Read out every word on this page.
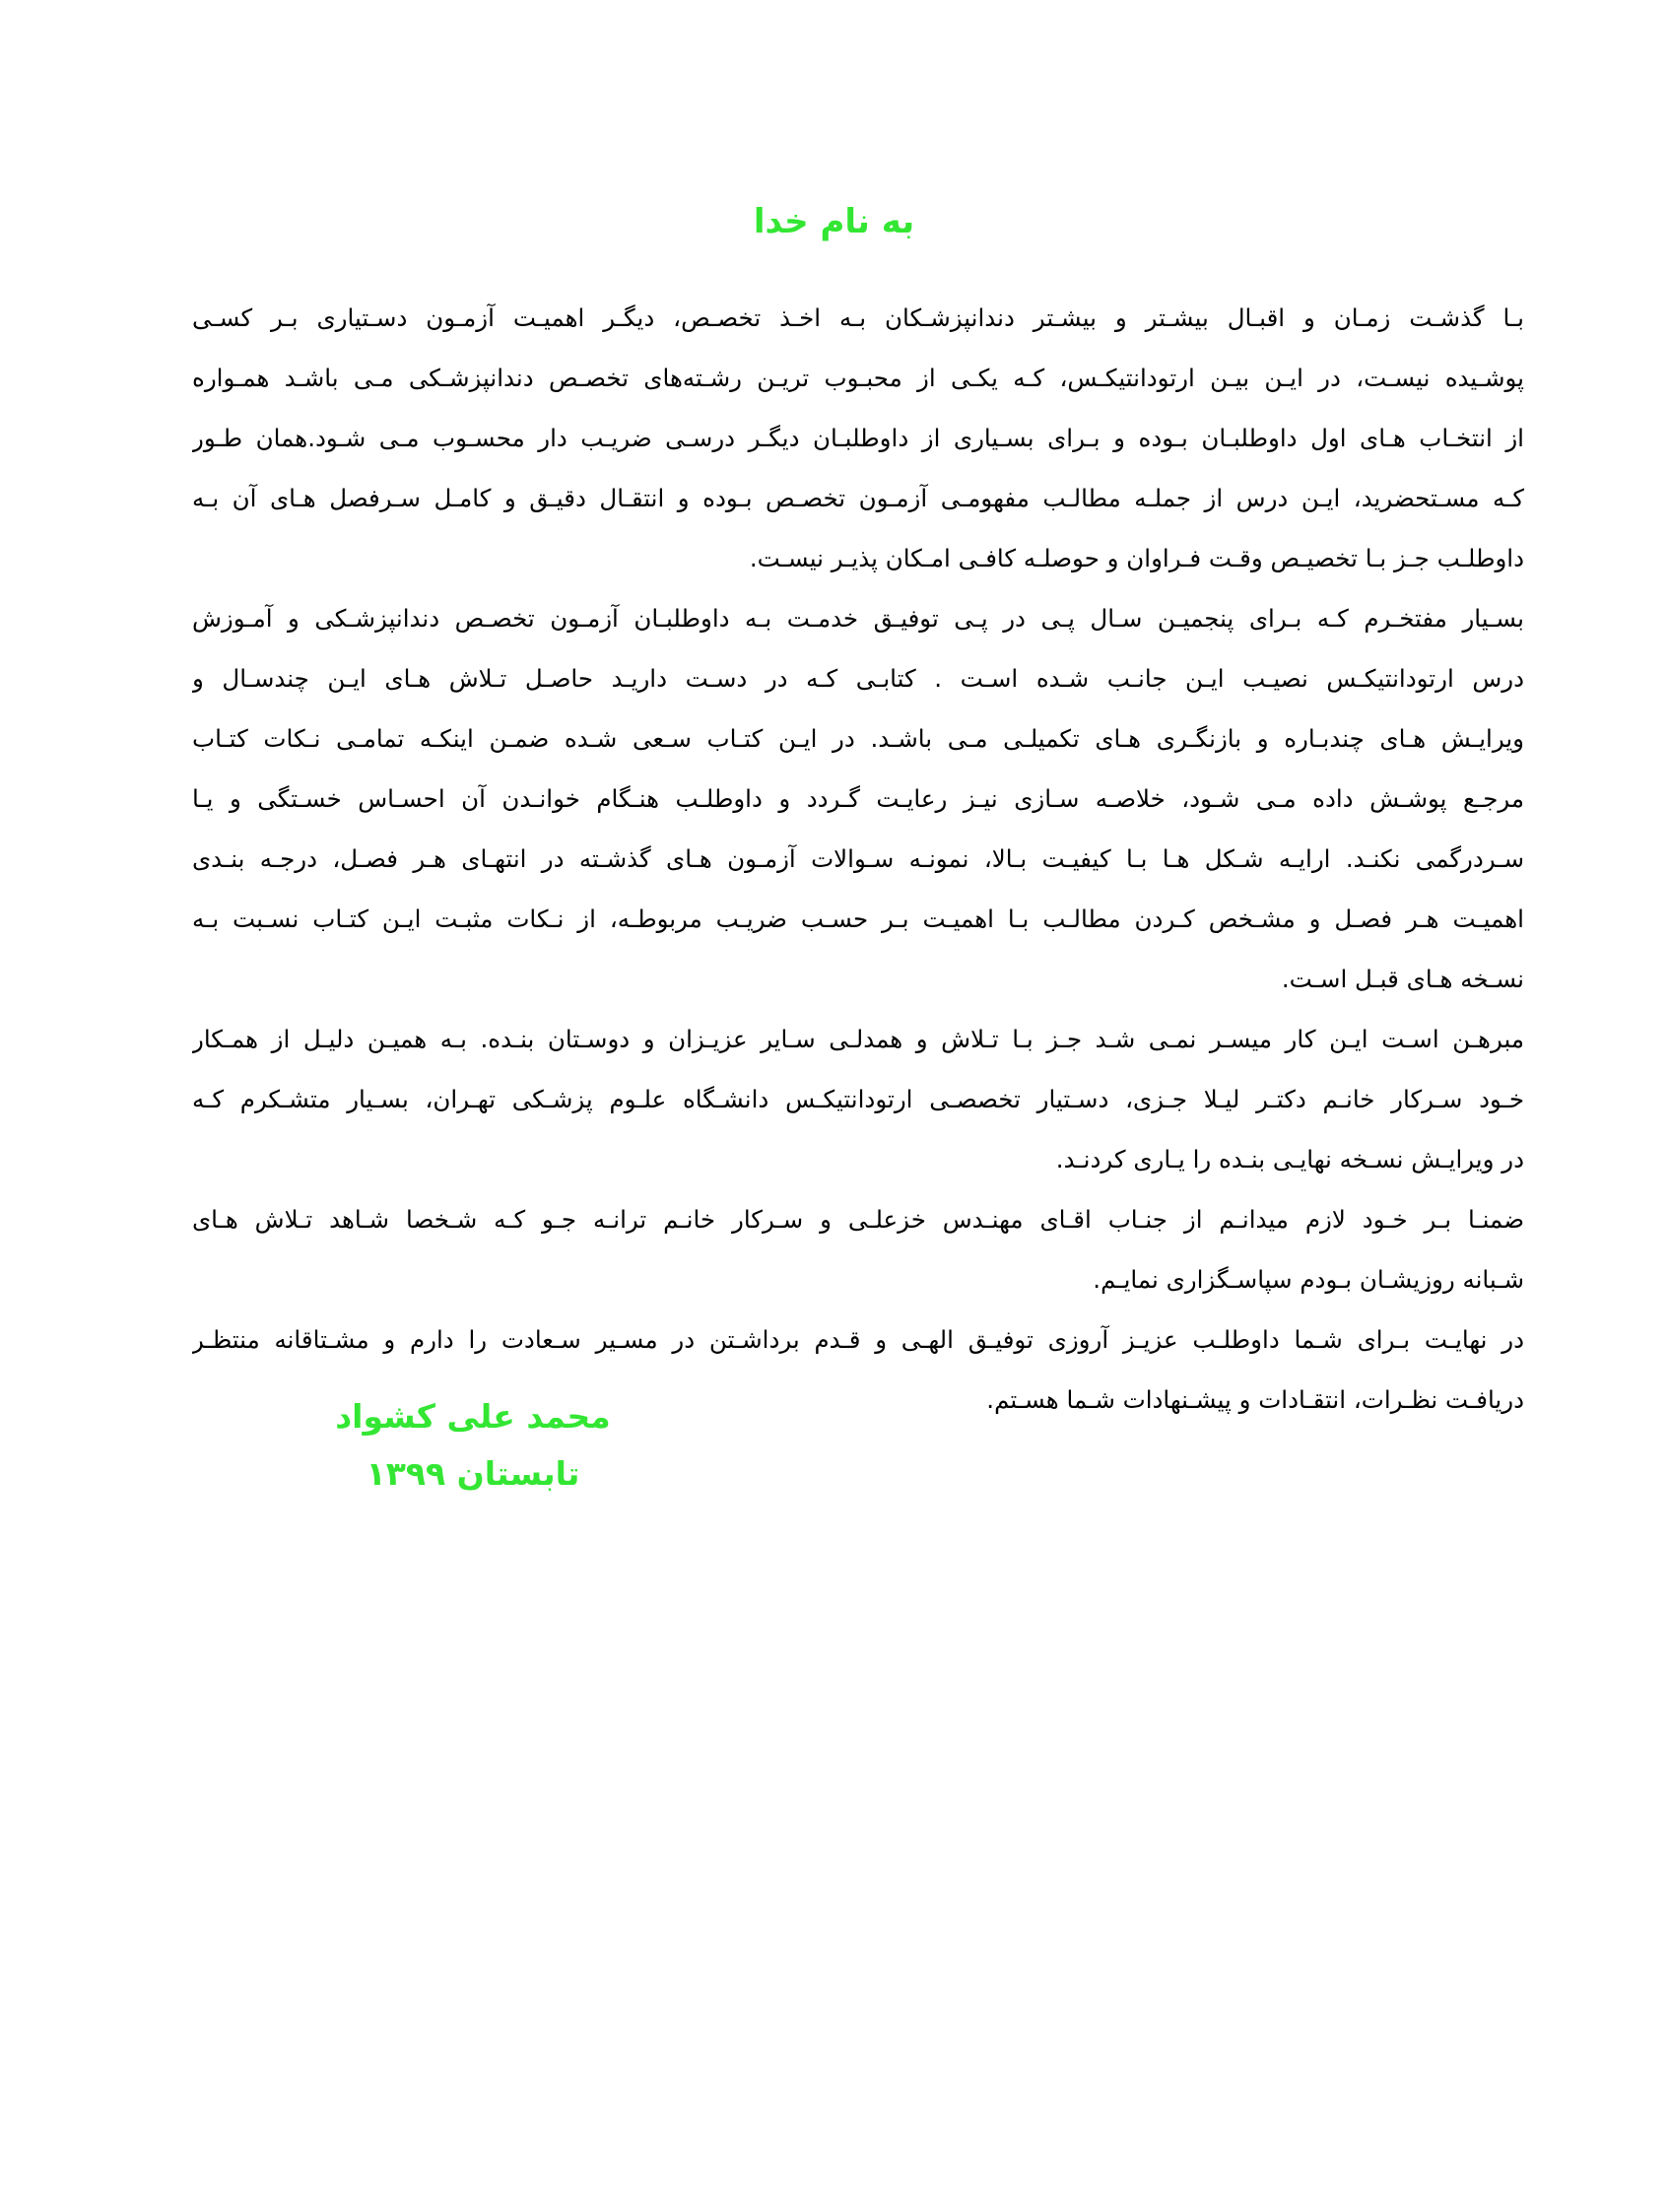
به نام خدا
بـا گذشـت زمـان و اقبـال بیشـتر و بیشـتر دندانپزشـکان بـه اخـذ تخصـص، دیگـر اهمیـت آزمـون دسـتیاری بـر کسـی
پوشـیده نیسـت، در ایـن بیـن ارتودانتیکـس، کـه یکـی از محبـوب تریـن رشـته‌های تخصـص دندانپزشـکی مـی باشـد همـواره
از انتخـاب هـای اول داوطلبـان بـوده و بـرای بسـیاری از داوطلبـان دیگـر درسـی ضریـب دار محسـوب مـی شـود.همان طـور
کـه مسـتحضرید، ایـن درس از جملـه مطالـب مفهومـی آزمـون تخصـص بـوده و انتقـال دقیـق و کامـل سـرفصل هـای آن بـه
داوطلـب جـز بـا تخصیـص وقـت فـراوان و حوصلـه کافـی امـکان پذیـر نیسـت.
بسـیار مفتخـرم کـه بـرای پنجمیـن سـال پـی در پـی توفیـق خدمـت بـه داوطلبـان آزمـون تخصـص دندانپزشـکی و آمـوزش
درس ارتودانتیکـس نصیـب ایـن جانـب شـده اسـت . کتابـی کـه در دسـت داریـد حاصـل تـلاش هـای ایـن چندسـال و
ویرایـش هـای چندبـاره و بازنگـری هـای تکمیلـی مـی باشـد. در ایـن کتـاب سـعی شـده ضمـن اینکـه تمامـی نـکات کتـاب
مرجـع پوشـش داده مـی شـود، خلاصـه سـازی نیـز رعایـت گـردد و داوطلـب هنـگام خوانـدن آن احسـاس خسـتگی و یـا
سـردرگمی نکنـد. ارایـه شـکل هـا بـا کیفیـت بـالا، نمونـه سـوالات آزمـون هـای گذشـته در انتهـای هـر فصـل، درجـه بنـدی
اهمیـت هـر فصـل و مشـخص کـردن مطالـب بـا اهمیـت بـر حسـب ضریـب مربوطـه، از نـکات مثبـت ایـن کتـاب نسـبت بـه
نسـخه هـای قبـل اسـت.
مبرهـن اسـت ایـن کار میسـر نمـی شـد جـز بـا تـلاش و همدلـی سـایر عزیـزان و دوسـتان بنـده. بـه همیـن دلیـل از همـکار
خـود سـرکار خانـم دکتـر لیـلا جـزی، دسـتیار تخصصـی ارتودانتیکـس دانشـگاه علـوم پزشـکی تهـران، بسـیار متشـکرم کـه
در ویرایـش نسـخه نهایـی بنـده را یـاری کردنـد.
ضمنـا بـر خـود لازم میدانـم از جنـاب اقـای مهنـدس خزعلـی و سـرکار خانـم ترانـه جـو کـه شـخصا شـاهد تـلاش هـای
شـبانه روزیشـان بـودم سپاسـگزاری نمایـم.
در نهایـت بـرای شـما داوطلـب عزیـز آروزی توفیـق الهـی و قـدم برداشـتن در مسـیر سـعادت را دارم و مشـتاقانه منتظـر
دریافـت نظـرات، انتقـادات و پیشـنهادات شـما هسـتم.
محمد علی کشواد
تابستان ۱۳۹۹
